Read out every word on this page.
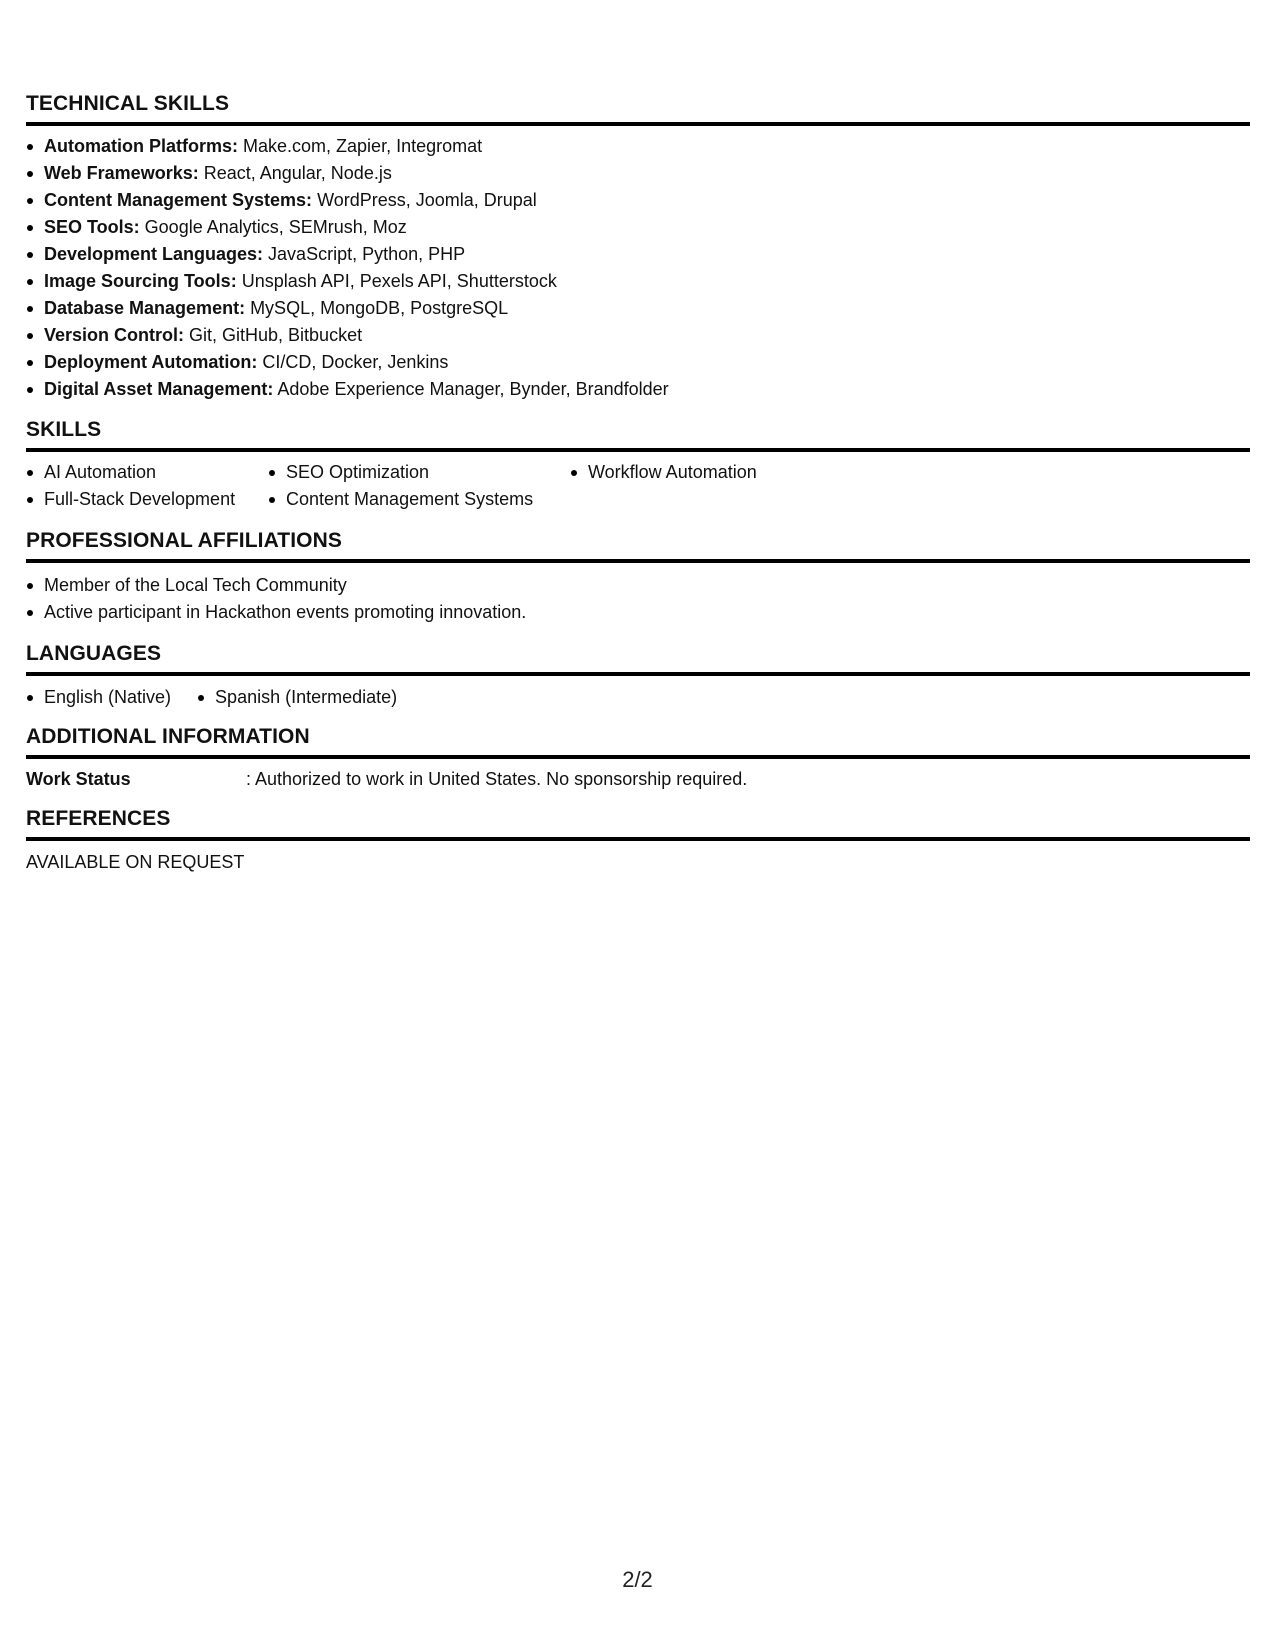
TECHNICAL SKILLS
Automation Platforms: Make.com, Zapier, Integromat
Web Frameworks: React, Angular, Node.js
Content Management Systems: WordPress, Joomla, Drupal
SEO Tools: Google Analytics, SEMrush, Moz
Development Languages: JavaScript, Python, PHP
Image Sourcing Tools: Unsplash API, Pexels API, Shutterstock
Database Management: MySQL, MongoDB, PostgreSQL
Version Control: Git, GitHub, Bitbucket
Deployment Automation: CI/CD, Docker, Jenkins
Digital Asset Management: Adobe Experience Manager, Bynder, Brandfolder
SKILLS
AI Automation	SEO Optimization	Workflow Automation
Full-Stack Development	Content Management Systems
PROFESSIONAL AFFILIATIONS
Member of the Local Tech Community
Active participant in Hackathon events promoting innovation.
LANGUAGES
English (Native)	Spanish (Intermediate)
ADDITIONAL INFORMATION
Work Status	: Authorized to work in United States. No sponsorship required.
REFERENCES
AVAILABLE ON REQUEST
2/2
